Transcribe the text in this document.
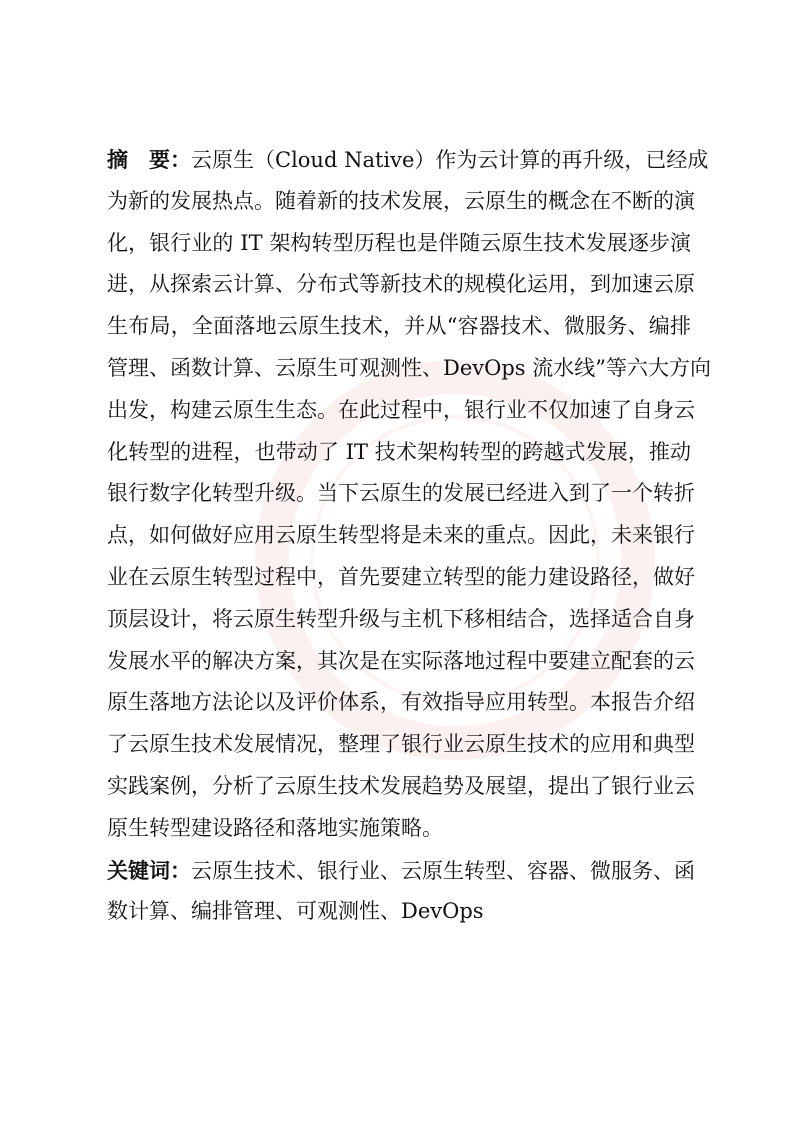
摘　要：云原生（Cloud Native）作为云计算的再升级，已经成
为新的发展热点。随着新的技术发展，云原生的概念在不断的演
化，银行业的 IT 架构转型历程也是伴随云原生技术发展逐步演
进，从探索云计算、分布式等新技术的规模化运用，到加速云原
生布局，全面落地云原生技术，并从“容器技术、微服务、编排
管理、函数计算、云原生可观测性、DevOps 流水线”等六大方向
出发，构建云原生生态。在此过程中，银行业不仅加速了自身云
化转型的进程，也带动了 IT 技术架构转型的跨越式发展，推动
银行数字化转型升级。当下云原生的发展已经进入到了一个转折
点，如何做好应用云原生转型将是未来的重点。因此，未来银行
业在云原生转型过程中，首先要建立转型的能力建设路径，做好
顶层设计，将云原生转型升级与主机下移相结合，选择适合自身
发展水平的解决方案，其次是在实际落地过程中要建立配套的云
原生落地方法论以及评价体系，有效指导应用转型。本报告介绍
了云原生技术发展情况，整理了银行业云原生技术的应用和典型
实践案例，分析了云原生技术发展趋势及展望，提出了银行业云
原生转型建设路径和落地实施策略。
关键词：云原生技术、银行业、云原生转型、容器、微服务、函
数计算、编排管理、可观测性、DevOps
